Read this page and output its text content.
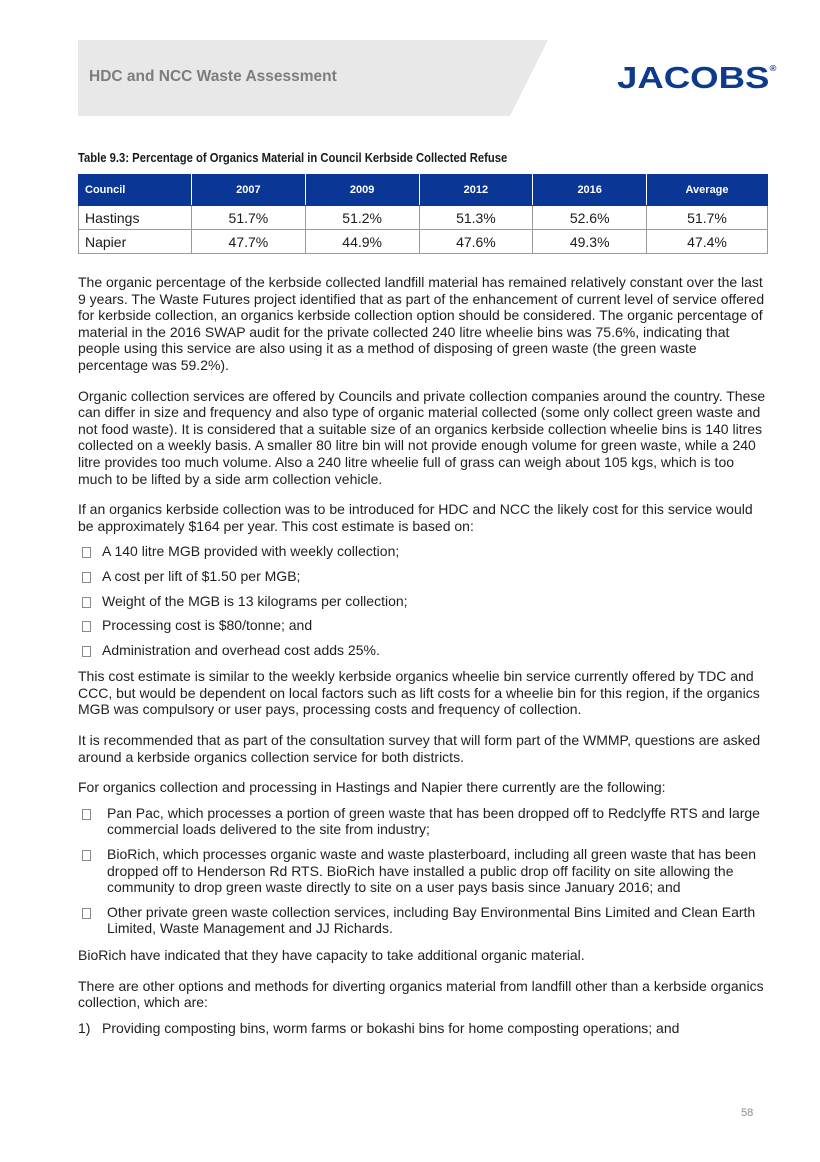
HDC and NCC Waste Assessment	JACOBS®
Table 9.3: Percentage of Organics Material in Council Kerbside Collected Refuse
Council	2007	2009	2012	2016	Average
Hastings	51.7%	51.2%	51.3%	52.6%	51.7%
Napier	47.7%	44.9%	47.6%	49.3%	47.4%

The organic percentage of the kerbside collected landfill material has remained relatively constant over the last 9 years. The Waste Futures project identified that as part of the enhancement of current level of service offered for kerbside collection, an organics kerbside collection option should be considered. The organic percentage of material in the 2016 SWAP audit for the private collected 240 litre wheelie bins was 75.6%, indicating that people using this service are also using it as a method of disposing of green waste (the green waste percentage was 59.2%).

Organic collection services are offered by Councils and private collection companies around the country. These can differ in size and frequency and also type of organic material collected (some only collect green waste and not food waste). It is considered that a suitable size of an organics kerbside collection wheelie bins is 140 litres collected on a weekly basis. A smaller 80 litre bin will not provide enough volume for green waste, while a 240 litre provides too much volume. Also a 240 litre wheelie full of grass can weigh about 105 kgs, which is too much to be lifted by a side arm collection vehicle.

If an organics kerbside collection was to be introduced for HDC and NCC the likely cost for this service would be approximately $164 per year. This cost estimate is based on:

A 140 litre MGB provided with weekly collection;
A cost per lift of $1.50 per MGB;
Weight of the MGB is 13 kilograms per collection;
Processing cost is $80/tonne; and
Administration and overhead cost adds 25%.

This cost estimate is similar to the weekly kerbside organics wheelie bin service currently offered by TDC and CCC, but would be dependent on local factors such as lift costs for a wheelie bin for this region, if the organics MGB was compulsory or user pays, processing costs and frequency of collection.

It is recommended that as part of the consultation survey that will form part of the WMMP, questions are asked around a kerbside organics collection service for both districts.

For organics collection and processing in Hastings and Napier there currently are the following:

Pan Pac, which processes a portion of green waste that has been dropped off to Redclyffe RTS and large commercial loads delivered to the site from industry;
BioRich, which processes organic waste and waste plasterboard, including all green waste that has been dropped off to Henderson Rd RTS. BioRich have installed a public drop off facility on site allowing the community to drop green waste directly to site on a user pays basis since January 2016; and
Other private green waste collection services, including Bay Environmental Bins Limited and Clean Earth Limited, Waste Management and JJ Richards.

BioRich have indicated that they have capacity to take additional organic material.

There are other options and methods for diverting organics material from landfill other than a kerbside organics collection, which are:

1) Providing composting bins, worm farms or bokashi bins for home composting operations; and
58
